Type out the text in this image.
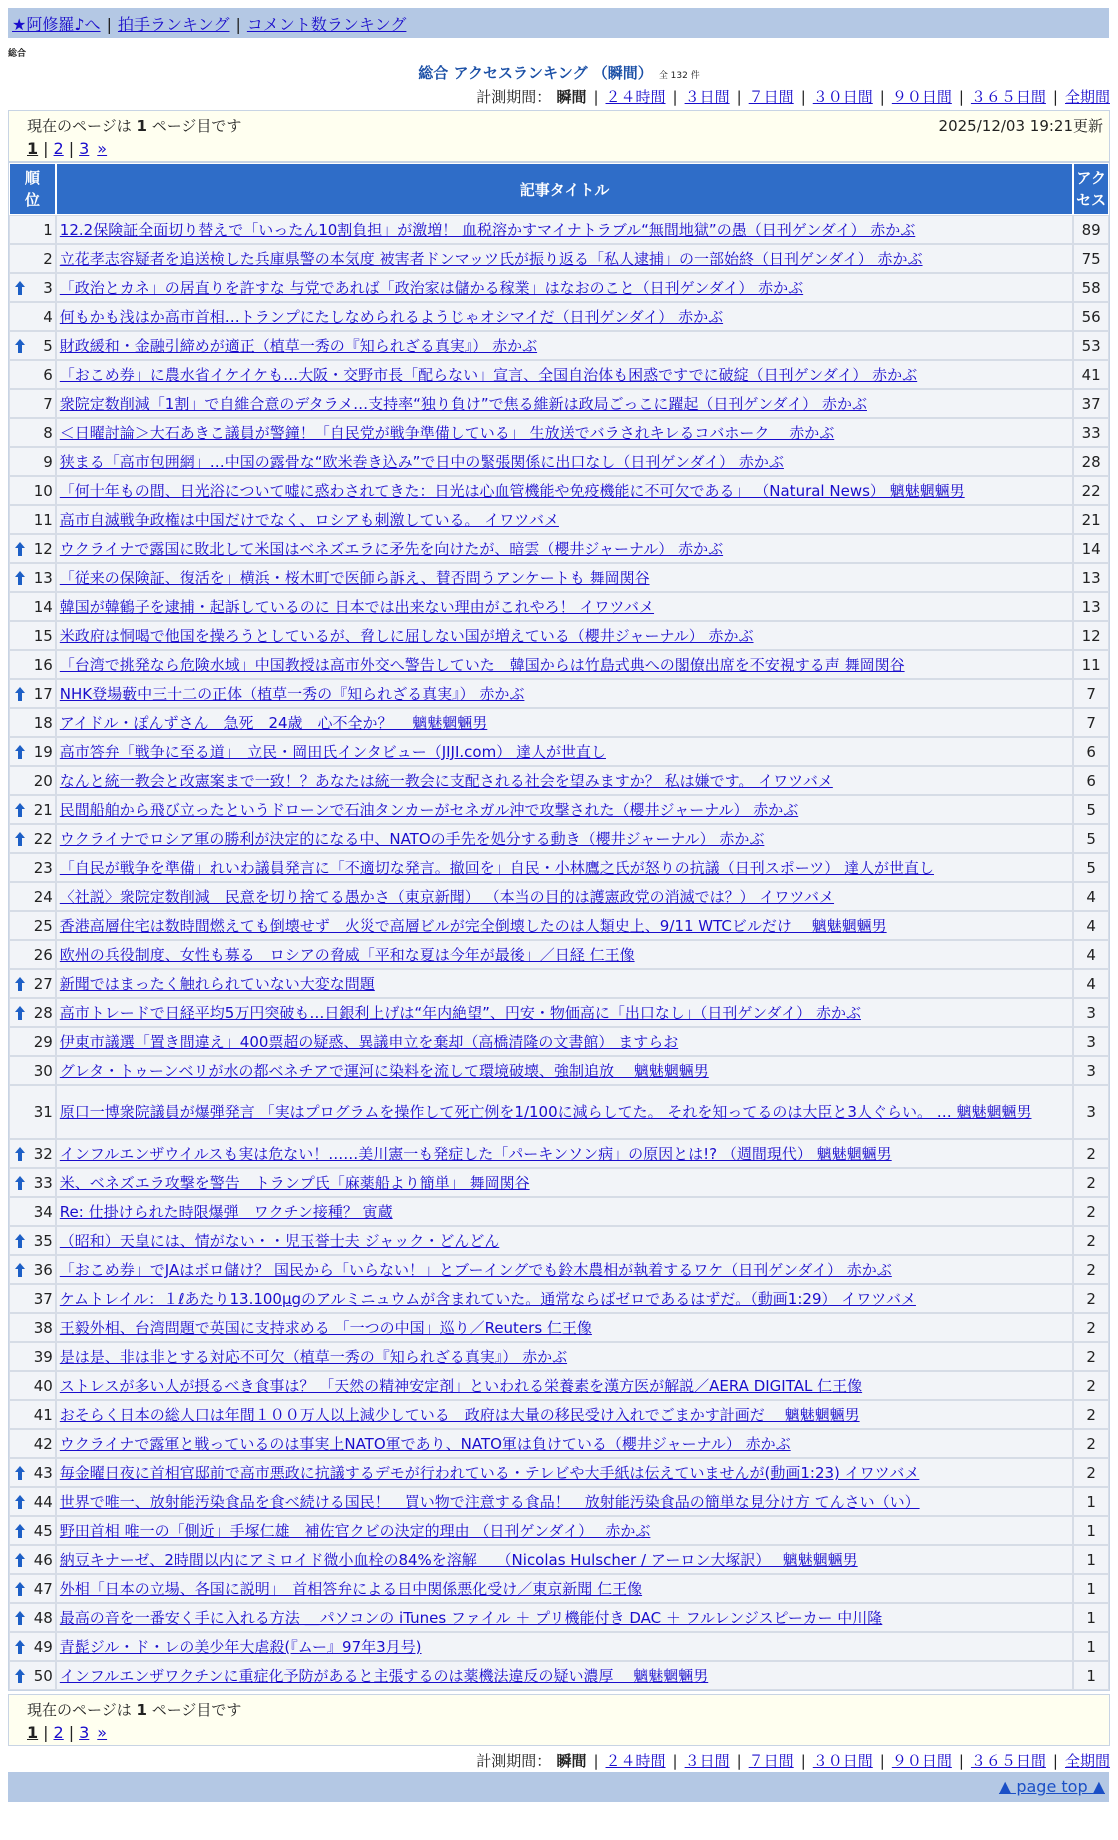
★阿修羅♪へ | 拍手ランキング | コメント数ランキング
総合
総合 アクセスランキング （瞬間） 全 132 件
計測期間： 瞬間 | ２４時間 | ３日間 | ７日間 | ３０日間 | ９０日間 | ３６５日間 | 全期間
現在のページは 1 ページ目です	2025/12/03 19:21更新
1 | 2 | 3 »
順位	記事タイトル	アクセス
1	12.2保険証全面切り替えで「いったん10割負担」が激増！ 血税溶かすマイナトラブル“無間地獄”の愚（日刊ゲンダイ） 赤かぶ	89
2	立花孝志容疑者を追送検した兵庫県警の本気度 被害者ドンマッツ氏が振り返る「私人逮捕」の一部始終（日刊ゲンダイ） 赤かぶ	75

3	「政治とカネ」の居直りを許すな 与党であれば「政治家は儲かる稼業」はなおのこと（日刊ゲンダイ） 赤かぶ	58
4	何もかも浅はか高市首相…トランプにたしなめられるようじゃオシマイだ（日刊ゲンダイ） 赤かぶ	56

5	財政緩和・金融引締めが適正（植草一秀の『知られざる真実』） 赤かぶ	53
6	「おこめ券」に農水省イケイケも…大阪・交野市長「配らない」宣言、全国自治体も困惑ですでに破綻（日刊ゲンダイ） 赤かぶ	41
7	衆院定数削減「1割」で自維合意のデタラメ…支持率“独り負け”で焦る維新は政局ごっこに躍起（日刊ゲンダイ） 赤かぶ	37
8	＜日曜討論＞大石あきこ議員が警鐘！「自民党が戦争準備している」 生放送でバラされキレるコバホーク　 赤かぶ	33
9	狭まる「高市包囲網」…中国の露骨な“欧米巻き込み”で日中の緊張関係に出口なし（日刊ゲンダイ） 赤かぶ	28
10	「何十年もの間、日光浴について嘘に惑わされてきた：日光は心血管機能や免疫機能に不可欠である」 （Natural News） 魑魅魍魎男	22
11	高市自滅戦争政権は中国だけでなく、ロシアも刺激している。 イワツバメ	21

12	ウクライナで露国に敗北して米国はベネズエラに矛先を向けたが、暗雲（櫻井ジャーナル） 赤かぶ	14

13	「従来の保険証、復活を」横浜・桜木町で医師ら訴え、賛否問うアンケートも 舞岡関谷	13
14	韓国が韓鶴子を逮捕・起訴しているのに 日本では出来ない理由がこれやろ！ イワツバメ	13
15	米政府は恫喝で他国を操ろうとしているが、脅しに屈しない国が増えている（櫻井ジャーナル） 赤かぶ	12
16	「台湾で挑発なら危険水域」中国教授は高市外交へ警告していた　韓国からは竹島式典への閣僚出席を不安視する声 舞岡関谷	11

17	NHK登場藪中三十二の正体（植草一秀の『知られざる真実』） 赤かぶ	7
18	アイドル・ぽんずさん　急死　24歳　心不全か？　 魑魅魍魎男	7

19	高市答弁「戦争に至る道」　立民・岡田氏インタビュー（JIJI.com） 達人が世直し	6
20	なんと統一教会と改憲案まで一致！？あなたは統一教会に支配される社会を望みますか？ 私は嫌です。 イワツバメ	6

21	民間船舶から飛び立ったというドローンで石油タンカーがセネガル沖で攻撃された（櫻井ジャーナル） 赤かぶ	5

22	ウクライナでロシア軍の勝利が決定的になる中、NATOの手先を処分する動き（櫻井ジャーナル） 赤かぶ	5
23	「自民が戦争を準備」れいわ議員発言に「不適切な発言。撤回を」自民・小林鷹之氏が怒りの抗議（日刊スポーツ） 達人が世直し	5
24	〈社説〉衆院定数削減　民意を切り捨てる愚かさ（東京新聞） （本当の目的は護憲政党の消滅では？） イワツバメ	4
25	香港高層住宅は数時間燃えても倒壊せず　火災で高層ビルが完全倒壊したのは人類史上、9/11 WTCビルだけ　 魑魅魍魎男	4
26	欧州の兵役制度、女性も募る　ロシアの脅威「平和な夏は今年が最後」／日経 仁王像	4

27	新聞ではまったく触れられていない大変な問題	4

28	高市トレードで日経平均5万円突破も…日銀利上げは“年内絶望”、円安・物価高に「出口なし」（日刊ゲンダイ） 赤かぶ	3
29	伊東市議選「置き間違え」400票超の疑惑、異議申立を棄却（高橋清隆の文書館） ますらお	3
30	グレタ・トゥーンベリが水の都ベネチアで運河に染料を流して環境破壊、強制追放　 魑魅魍魎男	3
31	原口一博衆院議員が爆弾発言 「実はプログラムを操作して死亡例を1/100に減らしてた。 それを知ってるのは大臣と3人ぐらい。 … 魑魅魍魎男	3

32	インフルエンザウイルスも実は危ない！……美川憲一も発症した「パーキンソン病」の原因とは!? （週間現代） 魑魅魍魎男	2

33	米、ベネズエラ攻撃を警告　トランプ氏「麻薬船より簡単」 舞岡関谷	2
34	Re: 仕掛けられた時限爆弾　ワクチン接種？ 寅蔵	2

35	（昭和）天皇には、情がない・・児玉誉士夫 ジャック・どんどん	2

36	「おこめ券」でJAはボロ儲け？ 国民から「いらない！」とブーイングでも鈴木農相が執着するワケ（日刊ゲンダイ） 赤かぶ	2
37	ケムトレイル：１ℓあたり13.100μgのアルミニュウムが含まれていた。通常ならばゼロであるはずだ。（動画1:29） イワツバメ	2
38	王毅外相、台湾問題で英国に支持求める 「一つの中国」巡り／Reuters 仁王像	2
39	是は是、非は非とする対応不可欠（植草一秀の『知られざる真実』） 赤かぶ	2
40	ストレスが多い人が摂るべき食事は？ 「天然の精神安定剤」といわれる栄養素を漢方医が解説／AERA DIGITAL 仁王像	2
41	おそらく日本の総人口は年間１００万人以上減少している　政府は大量の移民受け入れでごまかす計画だ　 魑魅魍魎男	2
42	ウクライナで露軍と戦っているのは事実上NATO軍であり、NATO軍は負けている（櫻井ジャーナル） 赤かぶ	2

43	毎金曜日夜に首相官邸前で高市悪政に抗議するデモが行われている・テレビや大手紙は伝えていませんが(動画1:23) イワツバメ	2

44	世界で唯一、放射能汚染食品を食べ続ける国民！　買い物で注意する食品！　放射能汚染食品の簡単な見分け方 てんさい（い）	1

45	野田首相 唯一の「側近」手塚仁雄　補佐官クビの決定的理由 （日刊ゲンダイ）　 赤かぶ	1

46	納豆キナーゼ、2時間以内にアミロイド微小血栓の84%を溶解　 （Nicolas Hulscher / アーロン大塚訳）　 魑魅魍魎男	1

47	外相「日本の立場、各国に説明」　首相答弁による日中関係悪化受け／東京新聞 仁王像	1

48	最高の音を一番安く手に入れる方法 ＿パソコンの iTunes ファイル ＋ プリ機能付き DAC ＋ フルレンジスピーカー 中川隆	1

49	青髭ジル・ド・レの美少年大虐殺(『ムー』97年3月号)	1

50	インフルエンザワクチンに重症化予防があると主張するのは薬機法違反の疑い濃厚　 魑魅魍魎男	1
現在のページは 1 ページ目です
1 | 2 | 3 »
計測期間： 瞬間 | ２４時間 | ３日間 | ７日間 | ３０日間 | ９０日間 | ３６５日間 | 全期間
▲ page top ▲
